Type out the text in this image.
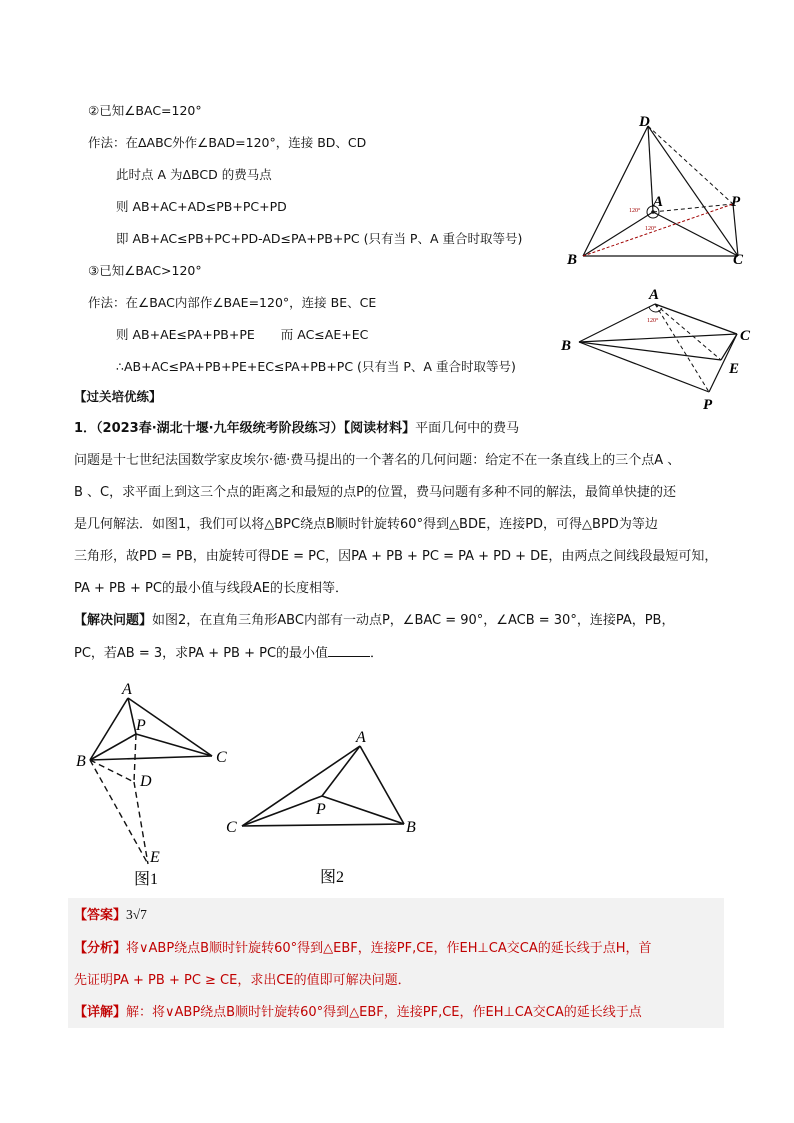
②已知∠BAC=120°
作法：在ΔABC外作∠BAD=120°，连接 BD、CD
此时点 A 为ΔBCD 的费马点
则 AB+AC+AD≤PB+PC+PD
即 AB+AC≤PB+PC+PD-AD≤PA+PB+PC (只有当 P、A 重合时取等号)
③已知∠BAC>120°
作法：在∠BAC内部作∠BAE=120°，连接 BE、CE
则 AB+AE≤PA+PB+PE 而 AC≤AE+EC
∴AB+AC≤PA+PB+PE+EC≤PA+PB+PC (只有当 P、A 重合时取等号)
D
A	P
B	C
120°
120°
120°
A
B
C
E
P
【过关培优练】
1．（2023春·湖北十堰·九年级统考阶段练习）【阅读材料】平面几何中的费马
问题是十七世纪法国数学家皮埃尔·德·费马提出的一个著名的几何问题：给定不在一条直线上的三个点A 、
B 、C，求平面上到这三个点的距离之和最短的点P的位置，费马问题有多种不同的解法，最简单快捷的还
是几何解法．如图1，我们可以将△BPC绕点B顺时针旋转60°得到△BDE，连接PD，可得△BPD为等边
三角形，故PD = PB，由旋转可得DE = PC，因PA + PB + PC = PA + PD + DE，由两点之间线段最短可知，
PA + PB + PC的最小值与线段AE的长度相等．
【解决问题】如图2，在直角三角形ABC内部有一动点P，∠BAC = 90°，∠ACB = 30°，连接PA，PB，
PC，若AB = 3，求PA + PB + PC的最小值	．
A
P
B	C
D
E
图1
A
P
C	B
图2
【答案】3√7
【分析】将∨ABP绕点B顺时针旋转60°得到△EBF，连接PF,CE，作EH⊥CA交CA的延长线于点H，首
先证明PA + PB + PC ≥ CE，求出CE的值即可解决问题．
【详解】解：将∨ABP绕点B顺时针旋转60°得到△EBF，连接PF,CE，作EH⊥CA交CA的延长线于点
